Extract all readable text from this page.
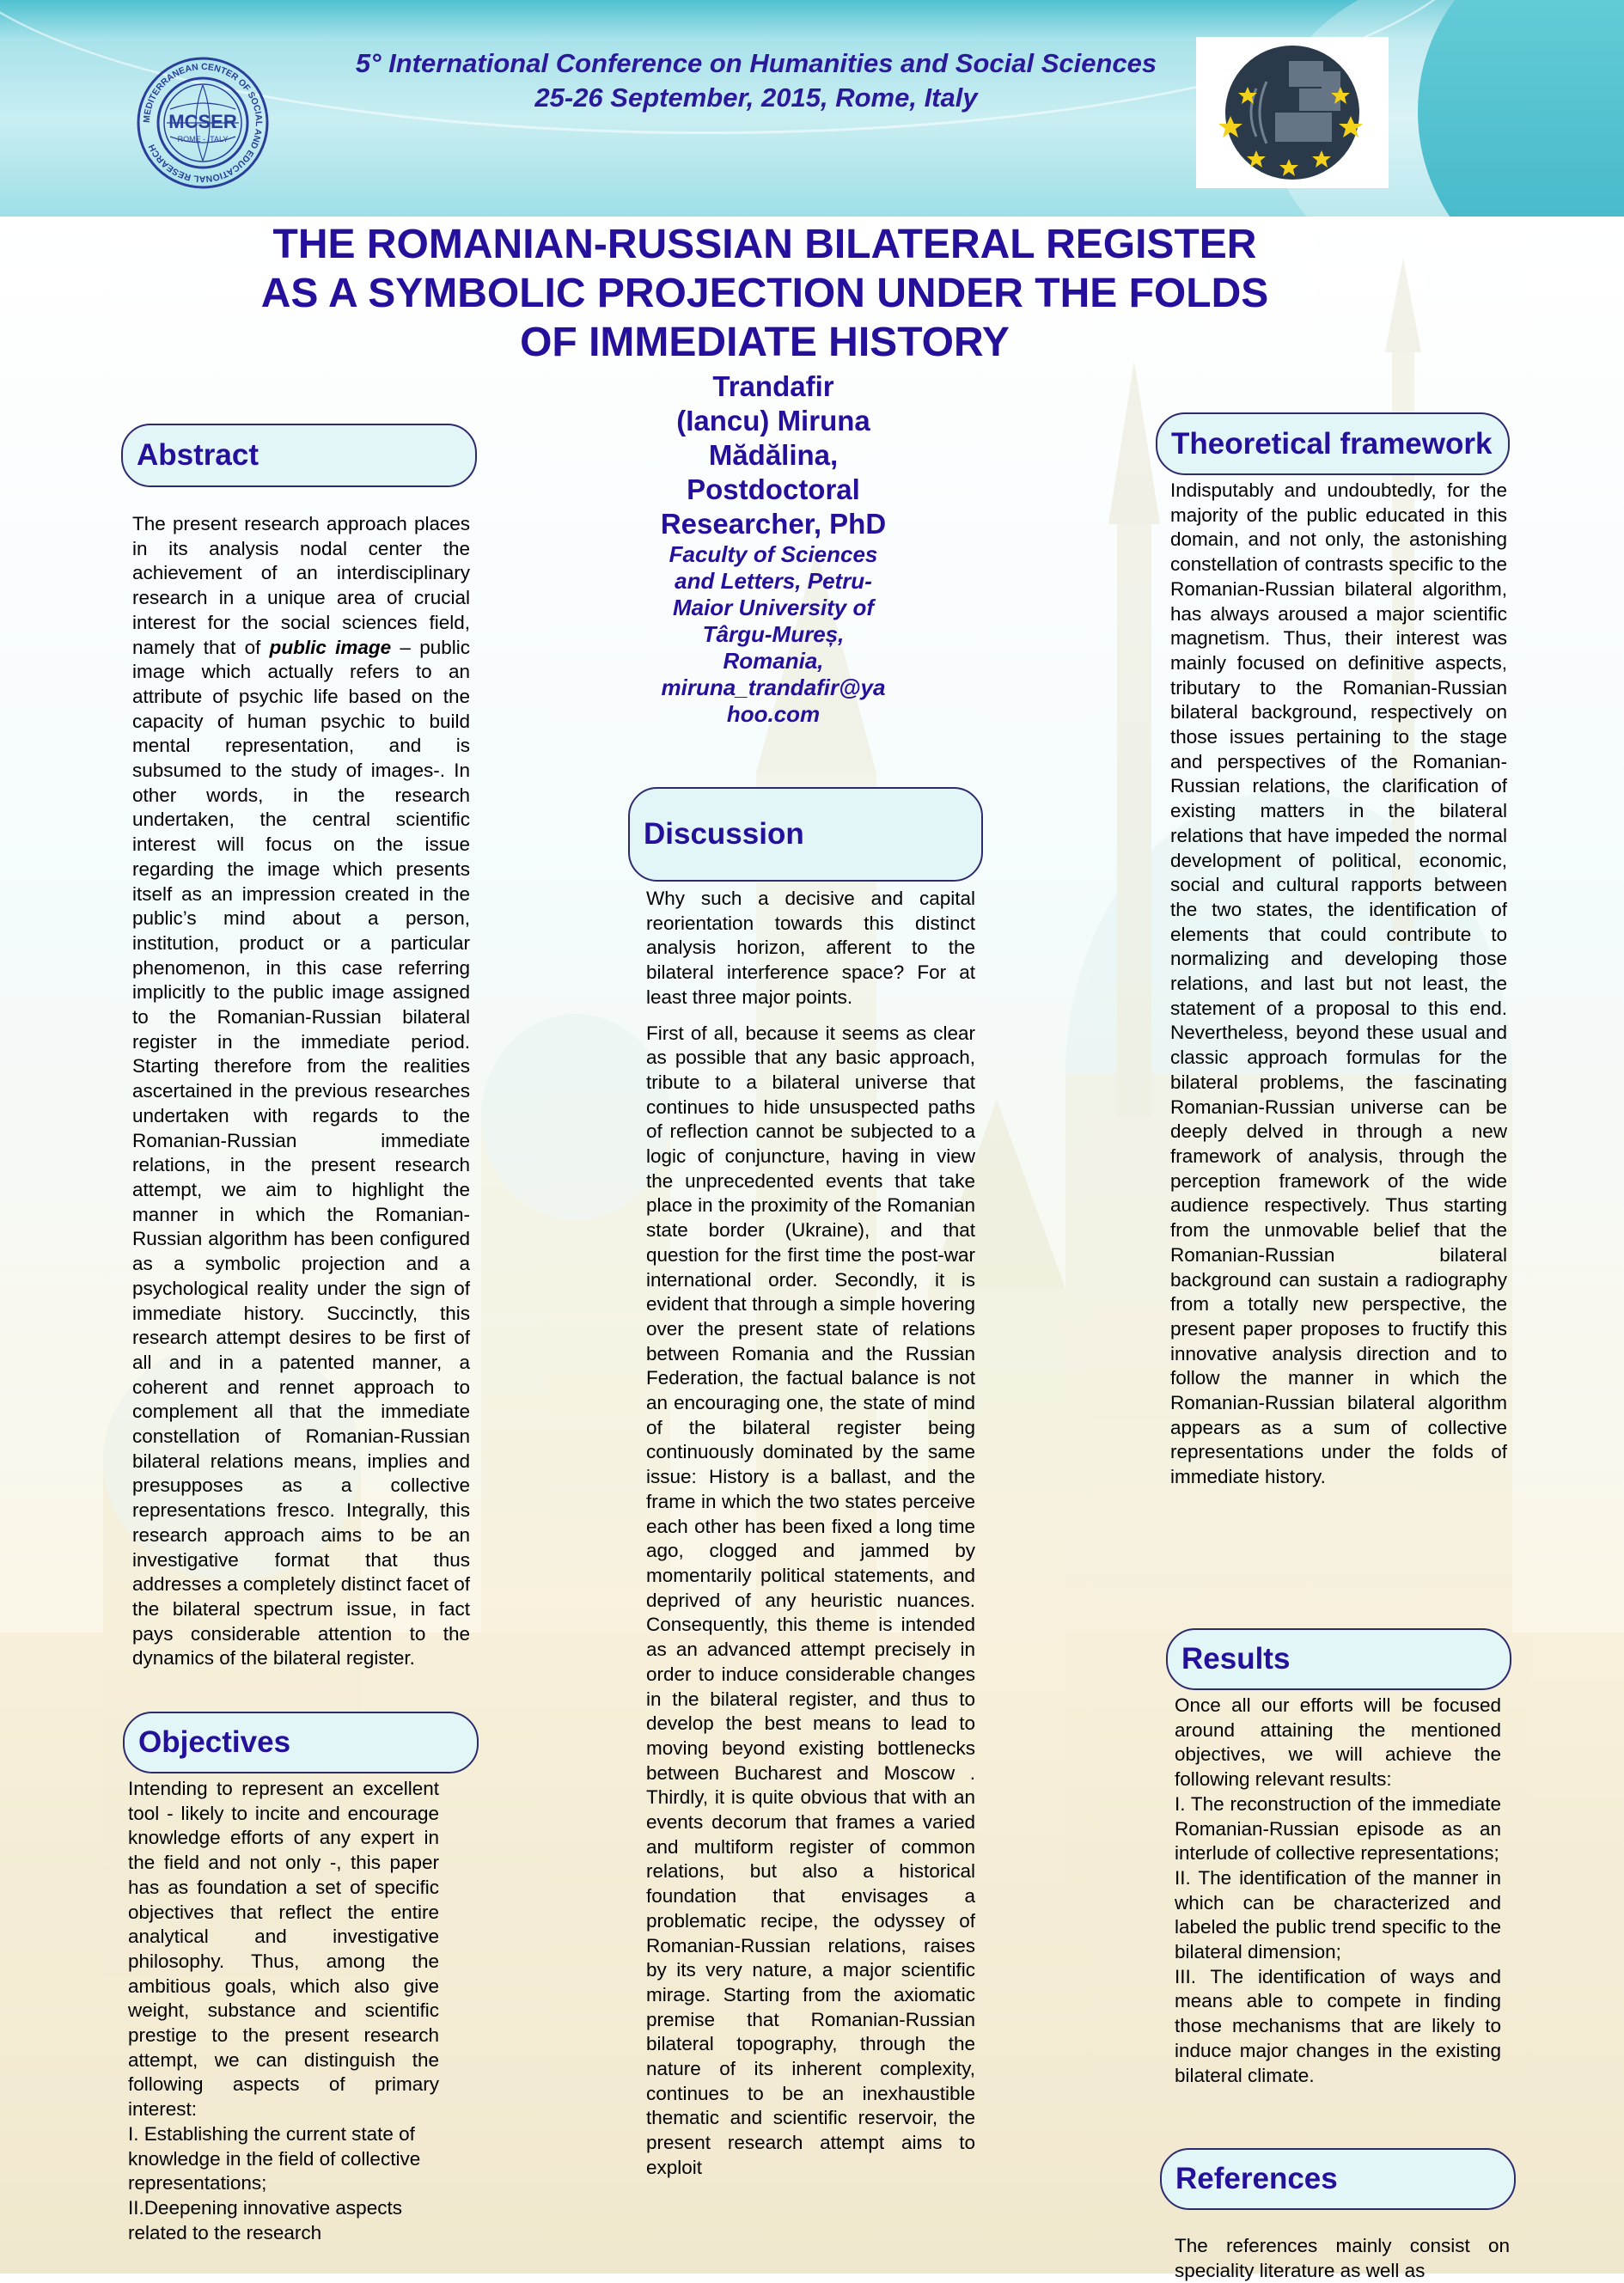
MEDITERRANEAN CENTER OF SOCIAL AND EDUCATIONAL RESEARCH
MCSER
ROME - ITALY
5° International Conference on Humanities and Social Sciences
25-26 September, 2015, Rome, Italy
THE ROMANIAN-RUSSIAN BILATERAL REGISTER
AS A SYMBOLIC PROJECTION UNDER THE FOLDS
OF IMMEDIATE HISTORY
Trandafir
(Iancu) Miruna
Mădălina,
Postdoctoral
Researcher, PhD
Faculty of Sciences
and Letters, Petru-
Maior University of
Târgu-Mureș,
Romania,
miruna_trandafir@ya
hoo.com
Abstract

The present research approach places in its analysis nodal center the achievement of an interdisciplinary research in a unique area of crucial interest for the social sciences field, namely that of public image – public image which actually refers to an attribute of psychic life based on the capacity of human psychic to build mental representation, and is subsumed to the study of images-. In other words, in the research undertaken, the central scientific interest will focus on the issue regarding the image which presents itself as an impression created in the public’s mind about a person, institution, product or a particular phenomenon, in this case referring implicitly to the public image assigned to the Romanian-Russian bilateral register in the immediate period. Starting therefore from the realities ascertained in the previous researches undertaken with regards to the Romanian-Russian immediate relations, in the present research attempt, we aim to highlight the manner in which the Romanian-Russian algorithm has been configured as a symbolic projection and a psychological reality under the sign of immediate history. Succinctly, this research attempt desires to be first of all and in a patented manner, a coherent and rennet approach to complement all that the immediate constellation of Romanian-Russian bilateral relations means, implies and presupposes as a collective representations fresco. Integrally, this research approach aims to be an investigative format that thus addresses a completely distinct facet of the bilateral spectrum issue, in fact pays considerable attention to the dynamics of the bilateral register.

Objectives

Intending to represent an excellent tool - likely to incite and encourage knowledge efforts of any expert in the field and not only -, this paper has as foundation a set of specific objectives that reflect the entire analytical and investigative philosophy. Thus, among the ambitious goals, which also give weight, substance and scientific prestige to the present research attempt, we can distinguish the following aspects of primary interest:

I. Establishing the current state of knowledge in the field of collective representations;

II.Deepening innovative aspects related to the research

Discussion

Why such a decisive and capital reorientation towards this distinct analysis horizon, afferent to the bilateral interference space? For at least three major points.

First of all, because it seems as clear as possible that any basic approach, tribute to a bilateral universe that continues to hide unsuspected paths of reflection cannot be subjected to a logic of conjuncture, having in view the unprecedented events that take place in the proximity of the Romanian state border (Ukraine), and that question for the first time the post-war international order. Secondly, it is evident that through a simple hovering over the present state of relations between Romania and the Russian Federation, the factual balance is not an encouraging one, the state of mind of the bilateral register being continuously dominated by the same issue: History is a ballast, and the frame in which the two states perceive each other has been fixed a long time ago, clogged and jammed by momentarily political statements, and deprived of any heuristic nuances. Consequently, this theme is intended as an advanced attempt precisely in order to induce considerable changes in the bilateral register, and thus to develop the best means to lead to moving beyond existing bottlenecks between Bucharest and Moscow . Thirdly, it is quite obvious that with an events decorum that frames a varied and multiform register of common relations, but also a historical foundation that envisages a problematic recipe, the odyssey of Romanian-Russian relations, raises by its very nature, a major scientific mirage. Starting from the axiomatic premise that Romanian-Russian bilateral topography, through the nature of its inherent complexity, continues to be an inexhaustible thematic and scientific reservoir, the present research attempt aims to exploit

Theoretical framework

Indisputably and undoubtedly, for the majority of the public educated in this domain, and not only, the astonishing constellation of contrasts specific to the Romanian-Russian bilateral algorithm, has always aroused a major scientific magnetism. Thus, their interest was mainly focused on definitive aspects, tributary to the Romanian-Russian bilateral background, respectively on those issues pertaining to the stage and perspectives of the Romanian-Russian relations, the clarification of existing matters in the bilateral relations that have impeded the normal development of political, economic, social and cultural rapports between the two states, the identification of elements that could contribute to normalizing and developing those relations, and last but not least, the statement of a proposal to this end. Nevertheless, beyond these usual and classic approach formulas for the bilateral problems, the fascinating Romanian-Russian universe can be deeply delved in through a new framework of analysis, through the perception framework of the wide audience respectively. Thus starting from the unmovable belief that the Romanian-Russian bilateral background can sustain a radiography from a totally new perspective, the present paper proposes to fructify this innovative analysis direction and to follow the manner in which the Romanian-Russian bilateral algorithm appears as a sum of collective representations under the folds of immediate history.

Results

Once all our efforts will be focused around attaining the mentioned objectives, we will achieve the following relevant results:

I. The reconstruction of the immediate Romanian-Russian episode as an interlude of collective representations;

II. The identification of the manner in which can be characterized and labeled the public trend specific to the bilateral dimension;

III. The identification of ways and means able to compete in finding those mechanisms that are likely to induce major changes in the existing bilateral climate.

References

The references mainly consist on speciality literature as well as
